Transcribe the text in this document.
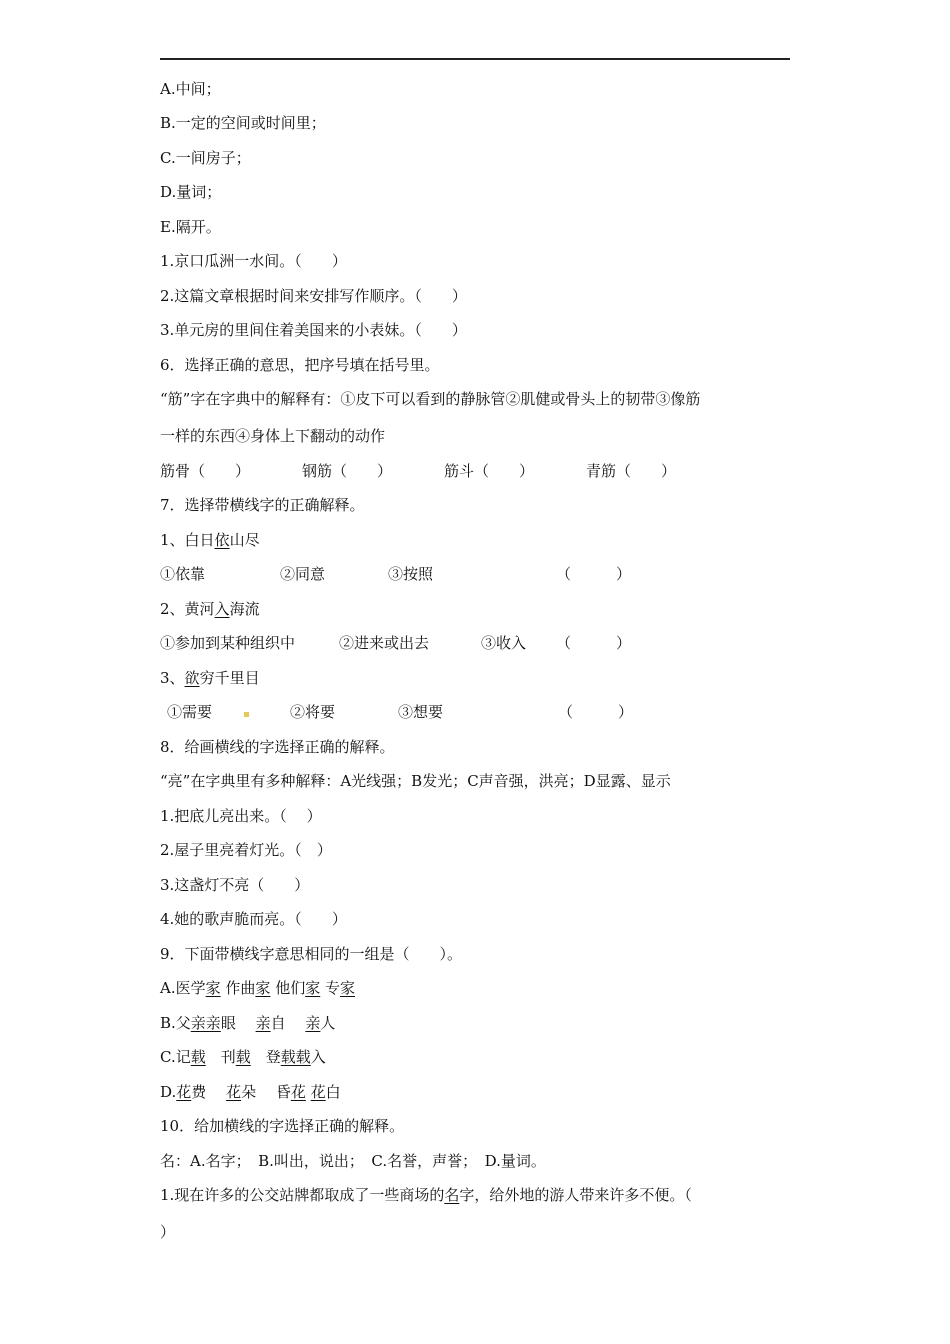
A.中间；
B.一定的空间或时间里；
C.一间房子；
D.量词；
E.隔开。
1.京口瓜洲一水间。（　　）
2.这篇文章根据时间来安排写作顺序。（　　）
3.单元房的里间住着美国来的小表妹。（　　）
6．选择正确的意思，把序号填在括号里。
“筋”字在字典中的解释有：①皮下可以看到的静脉管②肌健或骨头上的韧带③像筋
一样的东西④身体上下翻动的动作
筋骨（　　）	钢筋（　　）	筋斗（　　）	青筋（　　）
7．选择带横线字的正确解释。
1、白日依山尽
①依靠	②同意	③按照	（　　　）
2、黄河入海流
①参加到某种组织中	②进来或出去	③收入 （　　　）
3、欲穷千里目
①需要	②将要	③想要	（　　　）
8．给画横线的字选择正确的解释。
“亮”在字典里有多种解释：A光线强；B发光；C声音强，洪亮；D显露、显示
1.把底儿亮出来。（　 ）
2.屋子里亮着灯光。（　）
3.这盏灯不亮（　　）
4.她的歌声脆而亮。（　　）
9．下面带横线字意思相同的一组是（　　）。
A.医学家 作曲家 他们家 专家
B.父亲亲眼　 亲自　 亲人
C.记载　刊载　登载载入
D.花费　 花朵　 昏花 花白
10．给加横线的字选择正确的解释。
名：A.名字；　B.叫出，说出；　C.名誉，声誉；　D.量词。
1.现在许多的公交站牌都取成了一些商场的名字，给外地的游人带来许多不便。（
）
